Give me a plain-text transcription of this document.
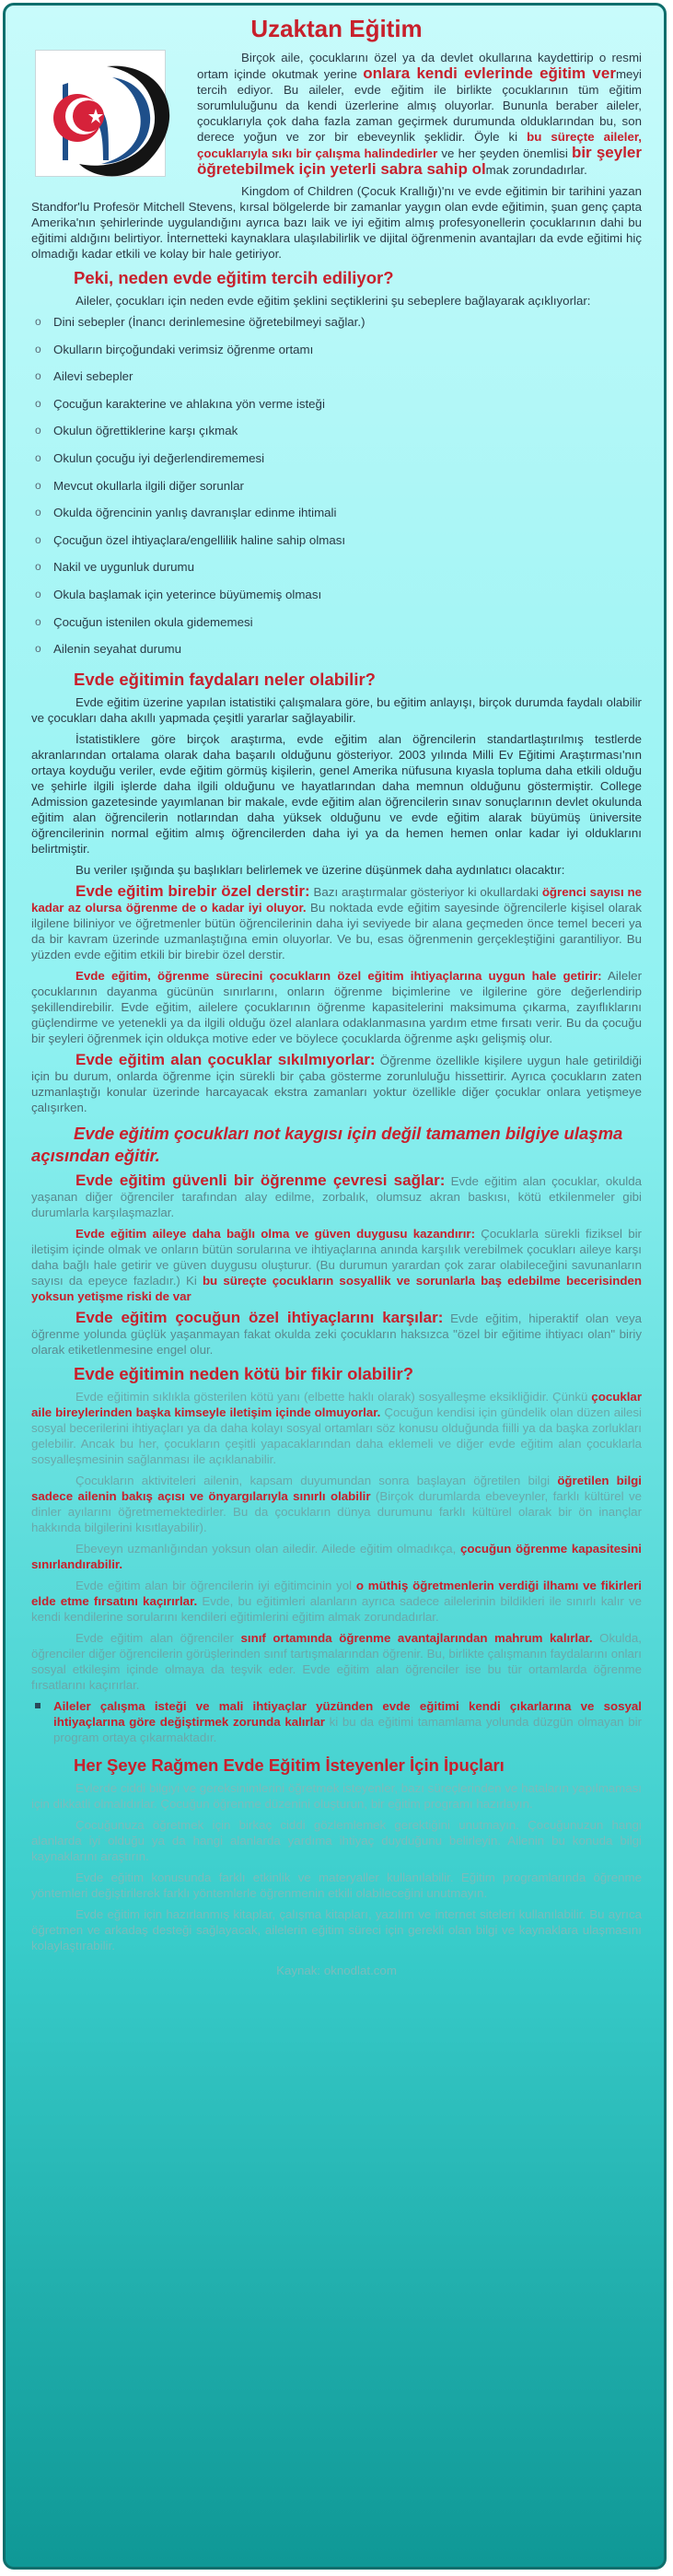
Uzaktan Eğitim

Birçok aile, çocuklarını özel ya da devlet okullarına kaydettirip o resmi ortam içinde okutmak yerine onlara kendi evlerinde eğitim vermeyi tercih ediyor. Bu aileler, evde eğitim ile birlikte çocuklarının tüm eğitim sorumluluğunu da kendi üzerlerine almış oluyorlar. Bununla beraber aileler, çocuklarıyla çok daha fazla zaman geçirmek durumunda olduklarından bu, son derece yoğun ve zor bir ebeveynlik şeklidir. Öyle ki bu süreçte aileler, çocuklarıyla sıkı bir çalışma halindedirler ve her şeyden önemlisi bir şeyler öğretebilmek için yeterli sabra sahip olmak zorundadırlar.

Kingdom of Children (Çocuk Krallığı)'nı ve evde eğitimin bir tarihini yazan Standfor'lu Profesör Mitchell Stevens, kırsal bölgelerde bir zamanlar yaygın olan evde eğitimin, şuan genç çapta Amerika'nın şehirlerinde uygulandığını ayrıca bazı laik ve iyi eğitim almış profesyonellerin çocuklarının dahi bu eğitimi aldığını belirtiyor. İnternetteki kaynaklara ulaşılabilirlik ve dijital öğrenmenin avantajları da evde eğitimi hiç olmadığı kadar etkili ve kolay bir hale getiriyor.

Peki, neden evde eğitim tercih ediliyor?

Aileler, çocukları için neden evde eğitim şeklini seçtiklerini şu sebeplere bağlayarak açıklıyorlar:

o Dini sebepler (İnancı derinlemesine öğretebilmeyi sağlar.)
o Okulların birçoğundaki verimsiz öğrenme ortamı
o Ailevi sebepler
o Çocuğun karakterine ve ahlakına yön verme isteği
o Okulun öğrettiklerine karşı çıkmak
o Okulun çocuğu iyi değerlendirememesi
o Mevcut okullarla ilgili diğer sorunlar
o Okulda öğrencinin yanlış davranışlar edinme ihtimali
o Çocuğun özel ihtiyaçlara/engellilik haline sahip olması
o Nakil ve uygunluk durumu
o Okula başlamak için yeterince büyümemiş olması
o Çocuğun istenilen okula gidememesi
o Ailenin seyahat durumu
Evde eğitimin faydaları neler olabilir?

Evde eğitim üzerine yapılan istatistiki çalışmalara göre, bu eğitim anlayışı, birçok durumda faydalı olabilir ve çocukları daha akıllı yapmada çeşitli yararlar sağlayabilir.

İstatistiklere göre birçok araştırma, evde eğitim alan öğrencilerin standartlaştırılmış testlerde akranlarından ortalama olarak daha başarılı olduğunu gösteriyor. 2003 yılında Milli Ev Eğitimi Araştırması'nın ortaya koyduğu veriler, evde eğitim görmüş kişilerin, genel Amerika nüfusuna kıyasla topluma daha etkili olduğu ve şehirle ilgili işlerde daha ilgili olduğunu ve hayatlarından daha memnun olduğunu göstermiştir. College Admission gazetesinde yayımlanan bir makale, evde eğitim alan öğrencilerin sınav sonuçlarının devlet okulunda eğitim alan öğrencilerin notlarından daha yüksek olduğunu ve evde eğitim alarak büyümüş üniversite öğrencilerinin normal eğitim almış öğrencilerden daha iyi ya da hemen hemen onlar kadar iyi olduklarını belirtmiştir.

Bu veriler ışığında şu başlıkları belirlemek ve üzerine düşünmek daha aydınlatıcı olacaktır:

Evde eğitim birebir özel derstir: Bazı araştırmalar gösteriyor ki okullardaki öğrenci sayısı ne kadar az olursa öğrenme de o kadar iyi oluyor. Bu noktada evde eğitim sayesinde öğrencilerle kişisel olarak ilgilene biliniyor ve öğretmenler bütün öğrencilerinin daha iyi seviyede bir alana geçmeden önce temel beceri ya da bir kavram üzerinde uzmanlaştığına emin oluyorlar. Ve bu, esas öğrenmenin gerçekleştiğini garantiliyor. Bu yüzden evde eğitim etkili bir birebir özel derstir.

Evde eğitim, öğrenme sürecini çocukların özel eğitim ihtiyaçlarına uygun hale getirir: Aileler çocuklarının dayanma gücünün sınırlarını, onların öğrenme biçimlerine ve ilgilerine göre değerlendirip şekillendirebilir. Evde eğitim, ailelere çocuklarının öğrenme kapasitelerini maksimuma çıkarma, zayıflıklarını güçlendirme ve yetenekli ya da ilgili olduğu özel alanlara odaklanmasına yardım etme fırsatı verir. Bu da çocuğu bir şeyleri öğrenmek için oldukça motive eder ve böylece çocuklarda öğrenme aşkı gelişmiş olur.

Evde eğitim alan çocuklar sıkılmıyorlar: Öğrenme özellikle kişilere uygun hale getirildiği için bu durum, onlarda öğrenme için sürekli bir çaba gösterme zorunluluğu hissettirir. Ayrıca çocukların zaten uzmanlaştığı konular üzerinde harcayacak ekstra zamanları yoktur özellikle diğer çocuklar onlara yetişmeye çalışırken.

Evde eğitim çocukları not kaygısı için değil tamamen bilgiye ulaşma açısından eğitir.

Evde eğitim güvenli bir öğrenme çevresi sağlar: Evde eğitim alan çocuklar, okulda yaşanan diğer öğrenciler tarafından alay edilme, zorbalık, olumsuz akran baskısı, kötü etkilenmeler gibi durumlarla karşılaşmazlar.

Evde eğitim aileye daha bağlı olma ve güven duygusu kazandırır: Çocuklarla sürekli fiziksel bir iletişim içinde olmak ve onların bütün sorularına ve ihtiyaçlarına anında karşılık verebilmek çocukları aileye karşı daha bağlı hale getirir ve güven duygusu oluşturur. (Bu durumun yarardan çok zarar olabileceğini savunanların sayısı da epeyce fazladır.) Ki bu süreçte çocukların sosyallik ve sorunlarla baş edebilme becerisinden yoksun yetişme riski de var

Evde eğitim çocuğun özel ihtiyaçlarını karşılar: Evde eğitim, hiperaktif olan veya öğrenme yolunda güçlük yaşanmayan fakat okulda zeki çocukların haksızca "özel bir eğitime ihtiyacı olan" biriy olarak etiketlenmesine engel olur.

Evde eğitimin neden kötü bir fikir olabilir?

Evde eğitimin sıklıkla gösterilen kötü yanı (elbette haklı olarak) sosyalleşme eksikliğidir. Çünkü çocuklar aile bireylerinden başka kimseyle iletişim içinde olmuyorlar. Çocuğun kendisi için gündelik olan düzen ailesi sosyal becerilerini ihtiyaçları ya da daha kolayı sosyal ortamları söz konusu olduğunda fiilli ya da başka zorlukları gelebilir. Ancak bu her, çocukların çeşitli yapacaklarından daha eklemeli ve diğer evde eğitim alan çocuklarla sosyalleşmesinin sağlanması ile açıklanabilir.

Çocukların aktiviteleri ailenin, kapsam duyumundan sonra başlayan öğretilen bilgi öğretilen bilgi sadece ailenin bakış açısı ve önyargılarıyla sınırlı olabilir (Birçok durumlarda ebeveynler, farklı kültürel ve dinler ayılarını öğretmemektedirler. Bu da çocukların dünya durumunu farklı kültürel olarak bir ön inançlar hakkında bilgilerini kısıtlayabilir).

Ebeveyn uzmanlığından yoksun olan ailedir. Ailede eğitim olmadıkça, çocuğun öğrenme kapasitesini sınırlandırabilir.

Evde eğitim alan bir öğrencilerin iyi eğitimcinin yol o müthiş öğretmenlerin verdiği ilhamı ve fikirleri elde etme fırsatını kaçırırlar. Evde, bu eğitimleri alanların ayrıca sadece ailelerinin bildikleri ile sınırlı kalır ve kendi kendilerine sorularını kendileri eğitimlerini eğitim almak zorundadırlar.

Evde eğitim alan öğrenciler sınıf ortamında öğrenme avantajlarından mahrum kalırlar. Okulda, öğrenciler diğer öğrencilerin görüşlerinden sınıf tartışmalarından öğrenir. Bu, birlikte çalışmanın faydalarını onları sosyal etkileşim içinde olmaya da teşvik eder. Evde eğitim alan öğrenciler ise bu tür ortamlarda öğrenme fırsatlarını kaçırırlar.

Aileler çalışma isteği ve mali ihtiyaçlar yüzünden evde eğitimi kendi çıkarlarına ve sosyal ihtiyaçlarına göre değiştirmek zorunda kalırlar ki bu da eğitimi tamamlama yolunda düzgün olmayan bir program ortaya çıkarmaktadır.
Her Şeye Rağmen Evde Eğitim İsteyenler İçin İpuçları

Evlerde ciddi bilgiyi ve gereksinimlerini öğretmek isteyenler, bazı süreçlerinden ve hataların yapılmaması için dikkatli olmalıdırlar. Çocuğun öğrenme düzenini oluşturun, bir eğitim programı hazırlayın.

Çocuğunuza öğretmek için birkaç ciddi gözlemlemek gerektiğini unutmayın. Çocuğunuzun hangi alanlarda iyi olduğu ya da hangi alanlarda yardıma ihtiyaç duyduğunu belirleyin. Ailenin bu konuda bilgi kaynaklarını araştırın.

Evde eğitim konusunda farklı etkinlik ve materyaller kullanılabilir. Eğitim programlarında öğrenme yöntemleri değiştirilerek farklı yöntemlerle öğrenmenin etkili olabileceğini unutmayın.

Evde eğitim için hazırlanmış kitaplar, çalışma kitapları, yazılım ve internet siteleri kullanılabilir. Bu ayrıca öğretmen ve arkadaş desteği sağlayacak, ailelerin eğitim süreci için gerekli olan bilgi ve kaynaklara ulaşmasını kolaylaştırabilir.

Kaynak: oknodlat.com
